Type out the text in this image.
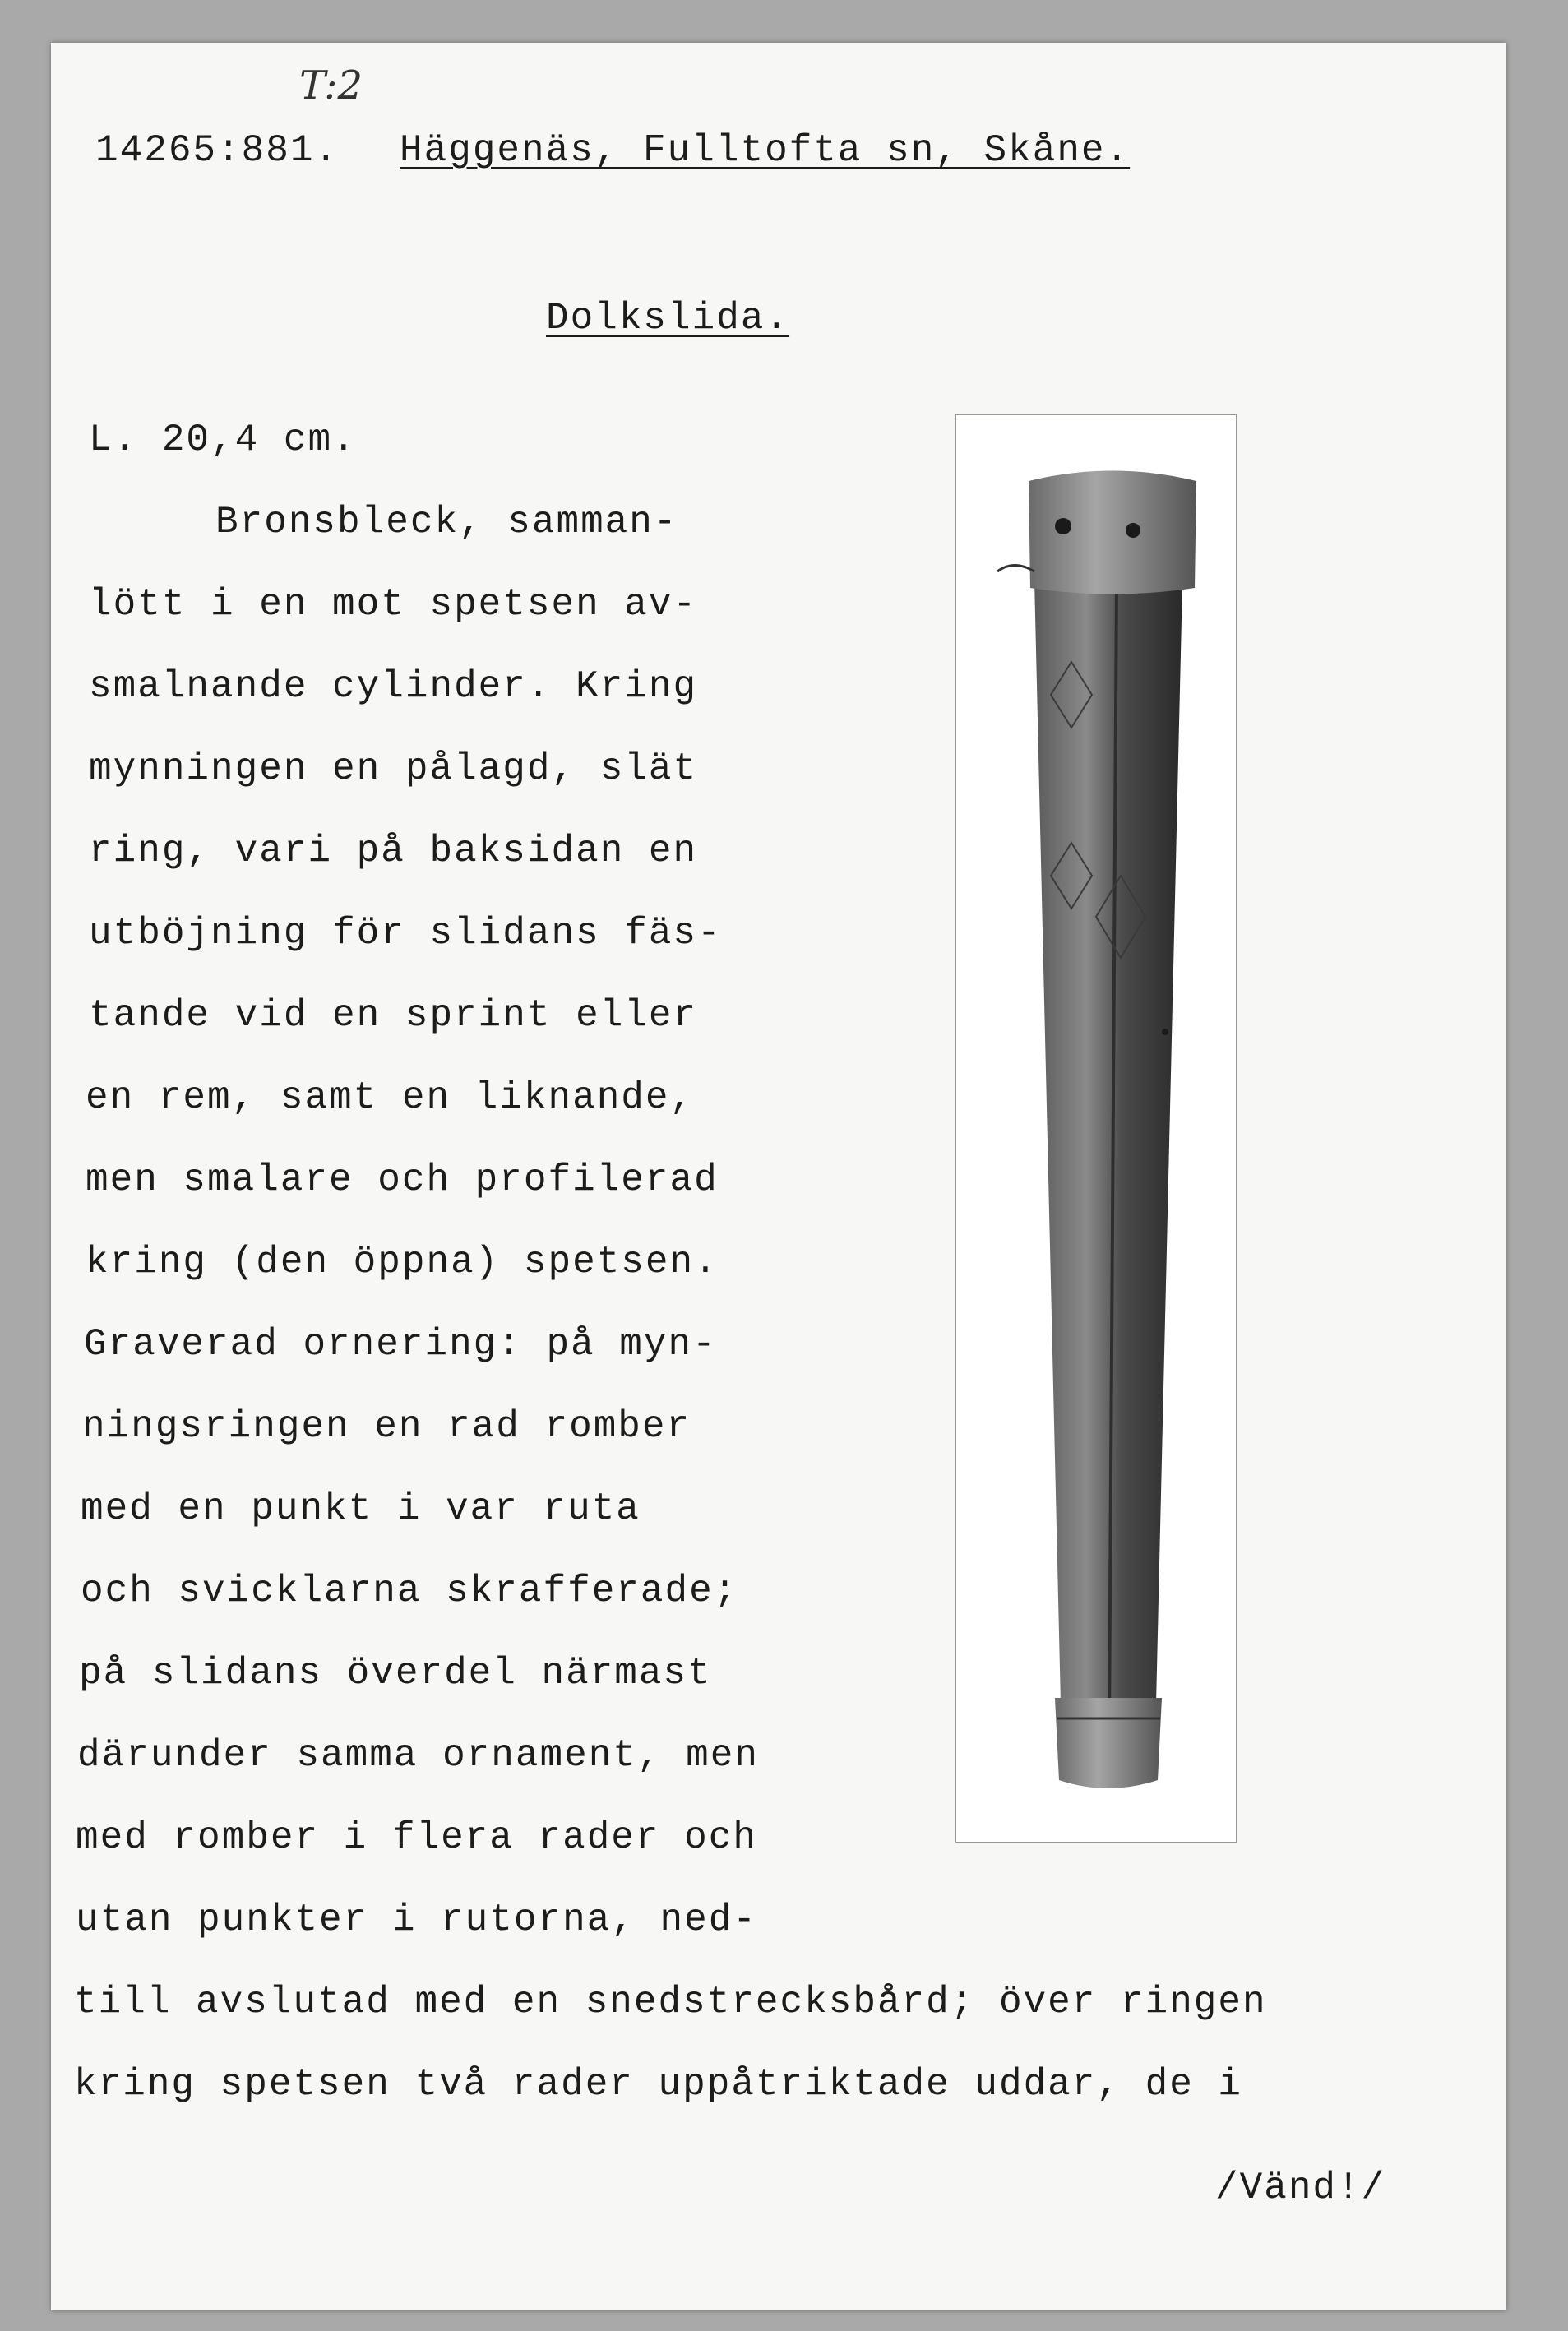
T:2
14265:881. Häggenäs, Fulltofta sn, Skåne.
Dolkslida.
L. 20,4 cm.
Bronsbleck, samman-
lött i en mot spetsen av-
smalnande cylinder. Kring
mynningen en pålagd, slät
ring, vari på baksidan en
utböjning för slidans fäs-
tande vid en sprint eller
en rem, samt en liknande,
men smalare och profilerad
kring (den öppna) spetsen.
Graverad ornering: på myn-
ningsringen en rad romber
med en punkt i var ruta
och svicklarna skrafferade;
på slidans överdel närmast
därunder samma ornament, men
med romber i flera rader och
utan punkter i rutorna, ned-
till avslutad med en snedstrecksbård; över ringen
kring spetsen två rader uppåtriktade uddar, de i
/Vänd!/
